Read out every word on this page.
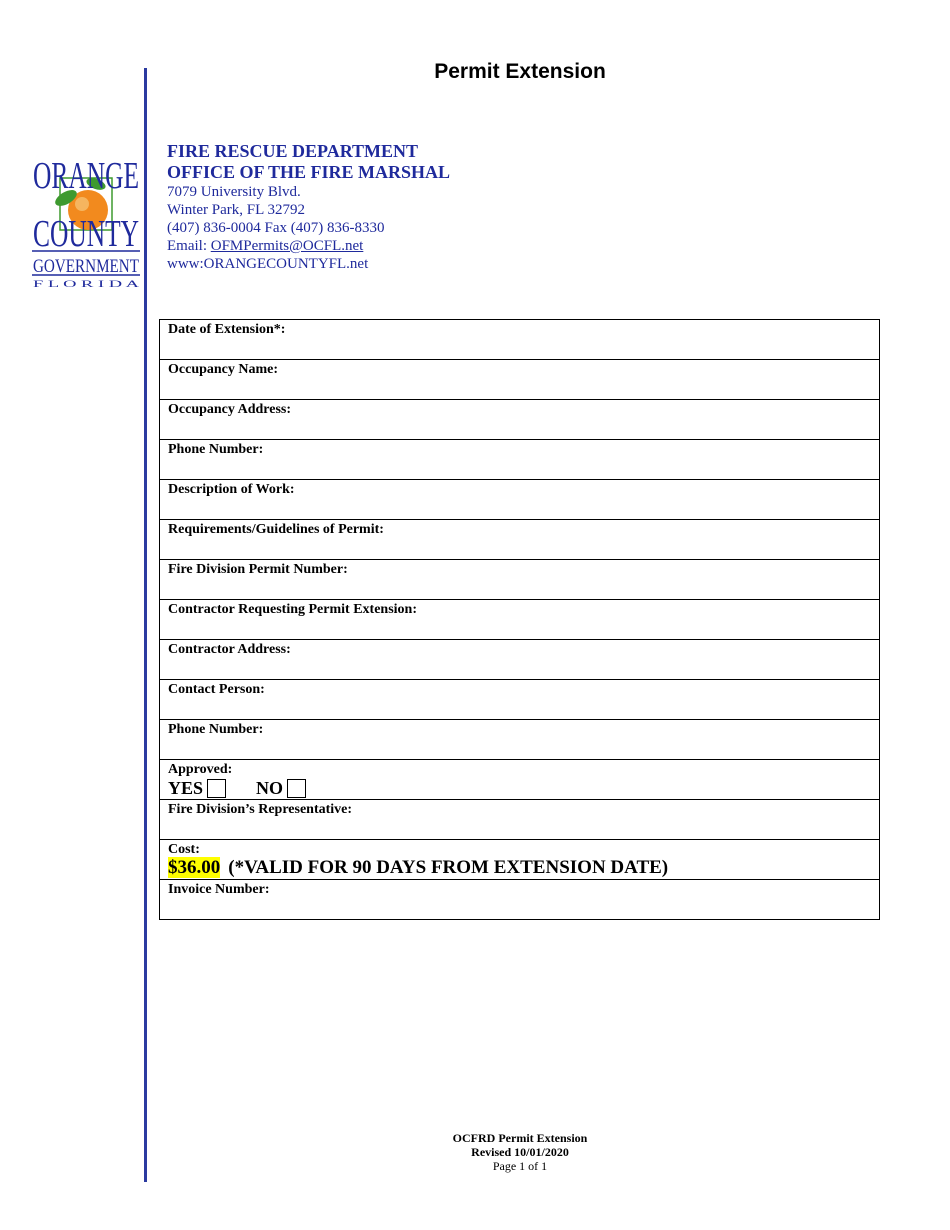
Permit Extension
ORANGE
COUNTY
GOVERNMENT
F L O R I D A
FIRE RESCUE DEPARTMENT
OFFICE OF THE FIRE MARSHAL
7079 University Blvd.
Winter Park, FL 32792
(407) 836-0004 Fax (407) 836-8330
Email: OFMPermits@OCFL.net
www:ORANGECOUNTYFL.net
Date of Extension*:
Occupancy Name:
Occupancy Address:
Phone Number:
Description of Work:
Requirements/Guidelines of Permit:
Fire Division Permit Number:
Contractor Requesting Permit Extension:
Contractor Address:
Contact Person:
Phone Number:
Approved:
YES	NO
Fire Division’s Representative:
Cost:
$36.00 (*VALID FOR 90 DAYS FROM EXTENSION DATE)
Invoice Number:
OCFRD Permit Extension
Revised 10/01/2020
Page 1 of 1
